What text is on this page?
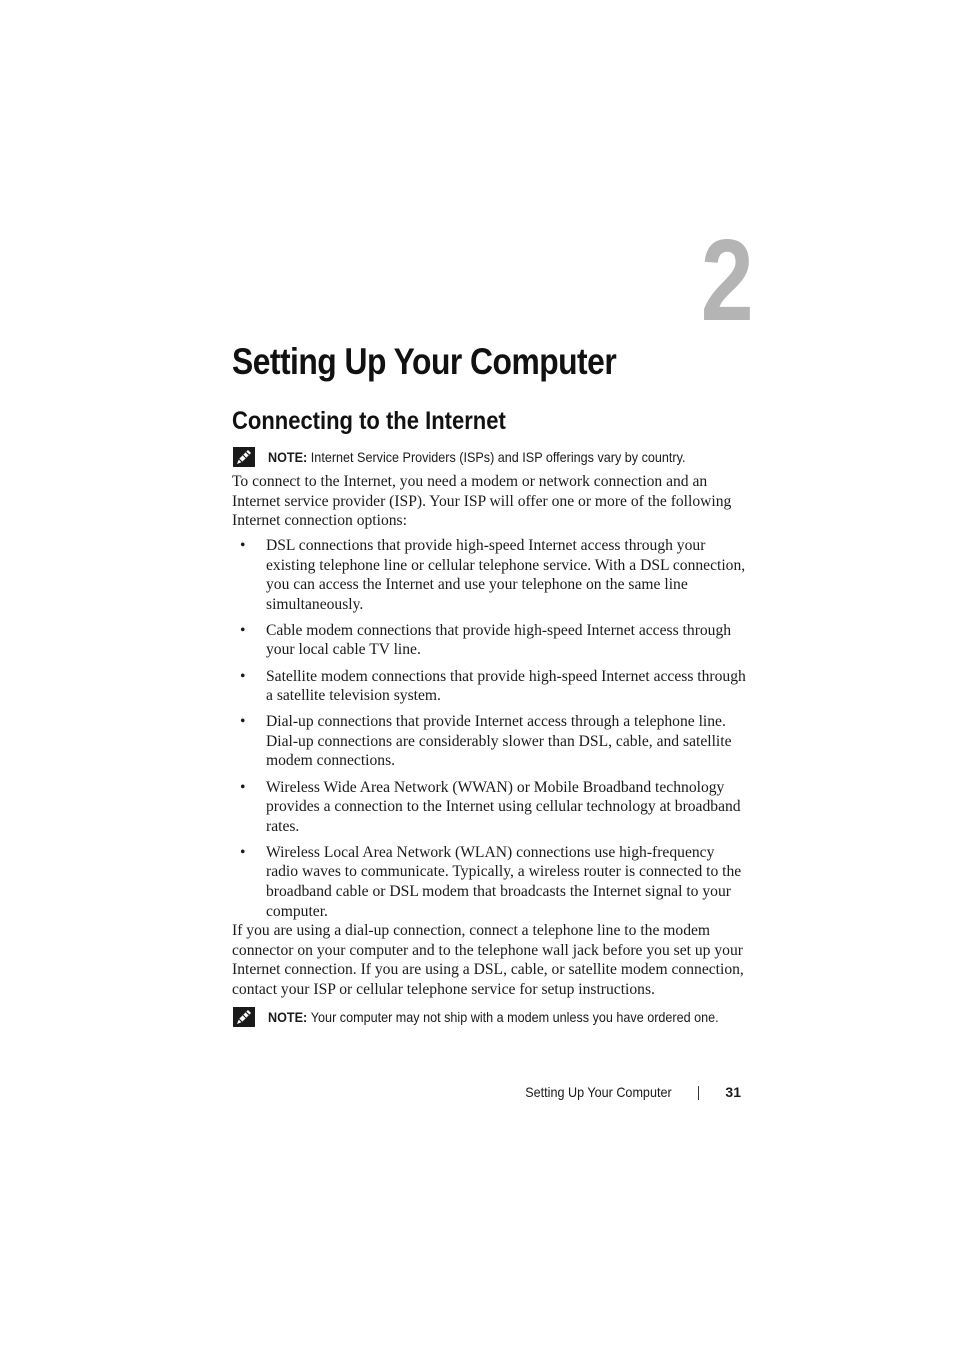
2
Setting Up Your Computer
Connecting to the Internet
NOTE: Internet Service Providers (ISPs) and ISP offerings vary by country.

To connect to the Internet, you need a modem or network connection and an Internet service provider (ISP). Your ISP will offer one or more of the following Internet connection options:

• DSL connections that provide high-speed Internet access through your existing telephone line or cellular telephone service. With a DSL connection, you can access the Internet and use your telephone on the same line simultaneously.
• Cable modem connections that provide high-speed Internet access through your local cable TV line.
• Satellite modem connections that provide high-speed Internet access through a satellite television system.
• Dial-up connections that provide Internet access through a telephone line. Dial-up connections are considerably slower than DSL, cable, and satellite modem connections.
• Wireless Wide Area Network (WWAN) or Mobile Broadband technology provides a connection to the Internet using cellular technology at broadband rates.
• Wireless Local Area Network (WLAN) connections use high-frequency radio waves to communicate. Typically, a wireless router is connected to the broadband cable or DSL modem that broadcasts the Internet signal to your computer.

If you are using a dial-up connection, connect a telephone line to the modem connector on your computer and to the telephone wall jack before you set up your Internet connection. If you are using a DSL, cable, or satellite modem connection, contact your ISP or cellular telephone service for setup instructions.

NOTE: Your computer may not ship with a modem unless you have ordered one.
Setting Up Your Computer	31
